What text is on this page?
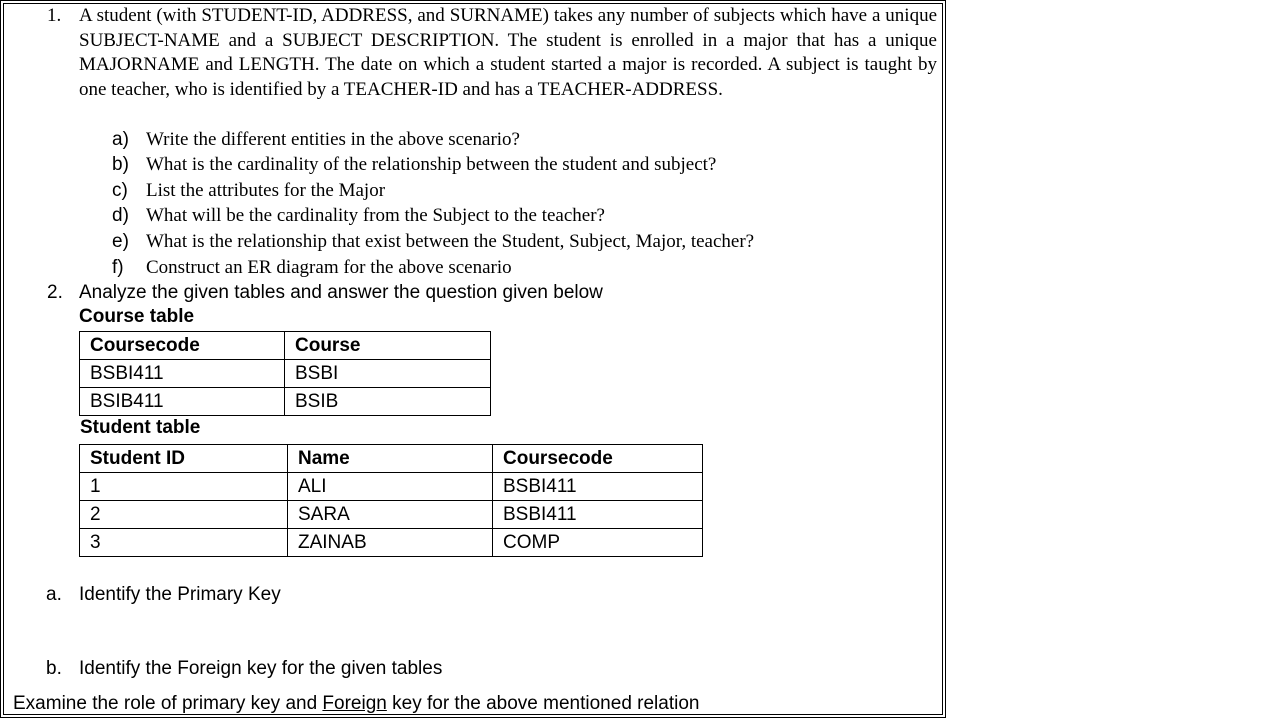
1. A student (with STUDENT-ID, ADDRESS, and SURNAME) takes any number of subjects which have a unique SUBJECT-NAME and a SUBJECT DESCRIPTION. The student is enrolled in a major that has a unique MAJORNAME and LENGTH. The date on which a student started a major is recorded. A subject is taught by one teacher, who is identified by a TEACHER-ID and has a TEACHER-ADDRESS.
a) Write the different entities in the above scenario?
b) What is the cardinality of the relationship between the student and subject?
c) List the attributes for the Major
d) What will be the cardinality from the Subject to the teacher?
e) What is the relationship that exist between the Student, Subject, Major, teacher?
f) Construct an ER diagram for the above scenario
2. Analyze the given tables and answer the question given below
Course table
Coursecode	Course
BSBI411	BSBI
BSIB411	BSIB
Student table
Student ID	Name	Coursecode
1	ALI	BSBI411
2	SARA	BSBI411
3	ZAINAB	COMP
a. Identify the Primary Key
b. Identify the Foreign key for the given tables
Examine the role of primary key and Foreign key for the above mentioned relation
